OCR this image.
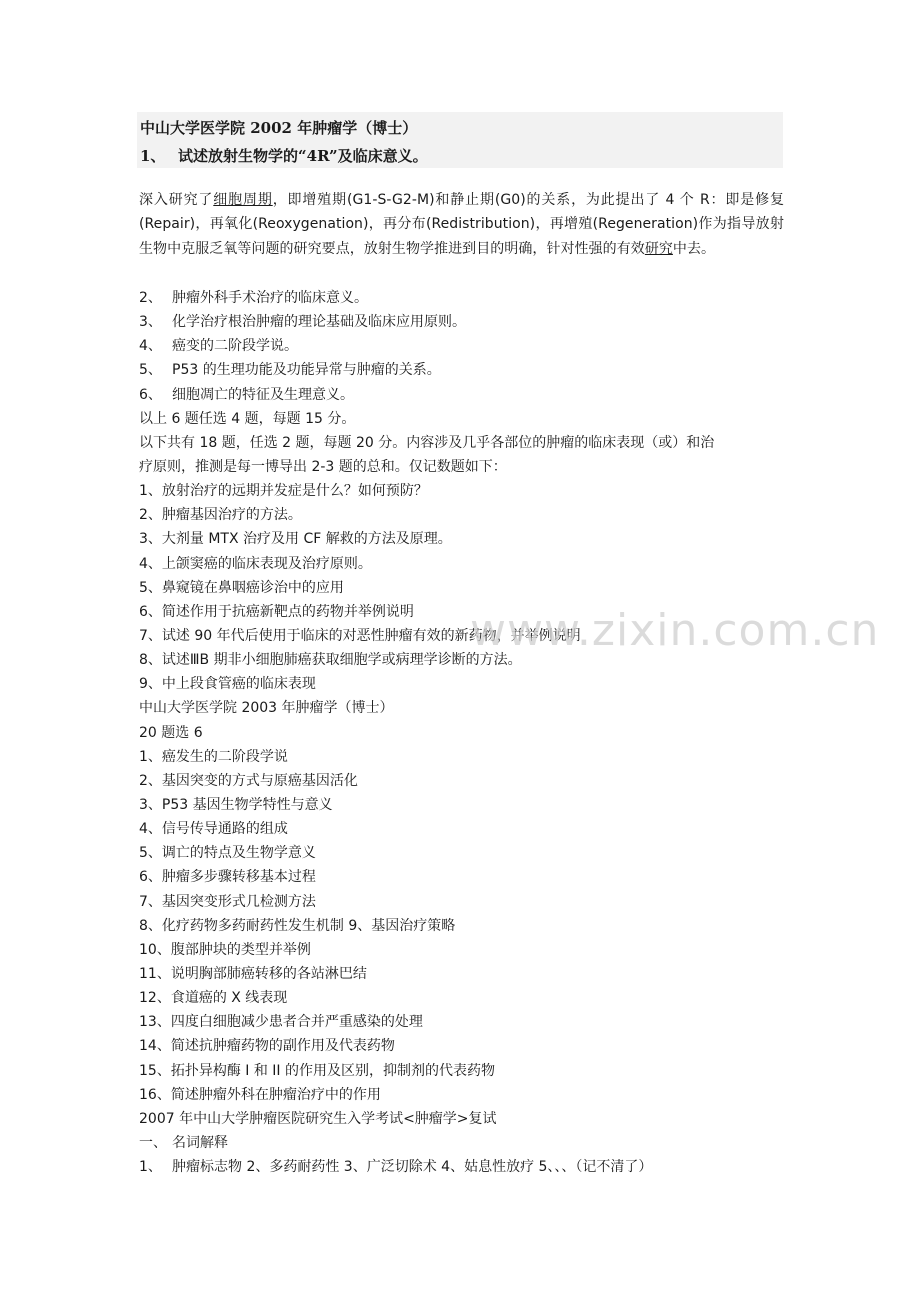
中山大学医学院 2002 年肿瘤学（博士）
1、 试述放射生物学的“4R”及临床意义。
深入研究了细胞周期，即增殖期(G1-S-G2-M)和静止期(G0)的关系，为此提出了 4 个 R：即是修复(Repair)，再氧化(Reoxygenation)，再分布(Redistribution)，再增殖(Regeneration)作为指导放射生物中克服乏氧等问题的研究要点，放射生物学推进到目的明确，针对性强的有效研究中去。
2、 肿瘤外科手术治疗的临床意义。
3、 化学治疗根治肿瘤的理论基础及临床应用原则。
4、 癌变的二阶段学说。
5、 P53 的生理功能及功能异常与肿瘤的关系。
6、 细胞凋亡的特征及生理意义。
以上 6 题任选 4 题，每题 15 分。
以下共有 18 题，任选 2 题，每题 20 分。内容涉及几乎各部位的肿瘤的临床表现（或）和治
疗原则，推测是每一博导出 2-3 题的总和。仅记数题如下：
1、放射治疗的远期并发症是什么？如何预防？
2、肿瘤基因治疗的方法。
3、大剂量 MTX 治疗及用 CF 解救的方法及原理。
4、上颌窦癌的临床表现及治疗原则。
5、鼻窥镜在鼻咽癌诊治中的应用
6、简述作用于抗癌新靶点的药物并举例说明
7、试述 90 年代后使用于临床的对恶性肿瘤有效的新药物，并举例说明
8、试述ⅢB 期非小细胞肺癌获取细胞学或病理学诊断的方法。
9、中上段食管癌的临床表现
中山大学医学院 2003 年肿瘤学（博士）
20 题选 6
1、癌发生的二阶段学说
2、基因突变的方式与原癌基因活化
3、P53 基因生物学特性与意义
4、信号传导通路的组成
5、调亡的特点及生物学意义
6、肿瘤多步骤转移基本过程
7、基因突变形式几检测方法
8、化疗药物多药耐药性发生机制 9、基因治疗策略
10、腹部肿块的类型并举例
11、说明胸部肺癌转移的各站淋巴结
12、食道癌的 X 线表现
13、四度白细胞减少患者合并严重感染的处理
14、简述抗肿瘤药物的副作用及代表药物
15、拓扑异构酶 I 和 II 的作用及区别，抑制剂的代表药物
16、简述肿瘤外科在肿瘤治疗中的作用
2007 年中山大学肿瘤医院研究生入学考试<肿瘤学>复试
一、 名词解释
1、 肿瘤标志物 2、多药耐药性 3、广泛切除术 4、姑息性放疗 5、、、（记不清了）
www.zixin.com.cn
